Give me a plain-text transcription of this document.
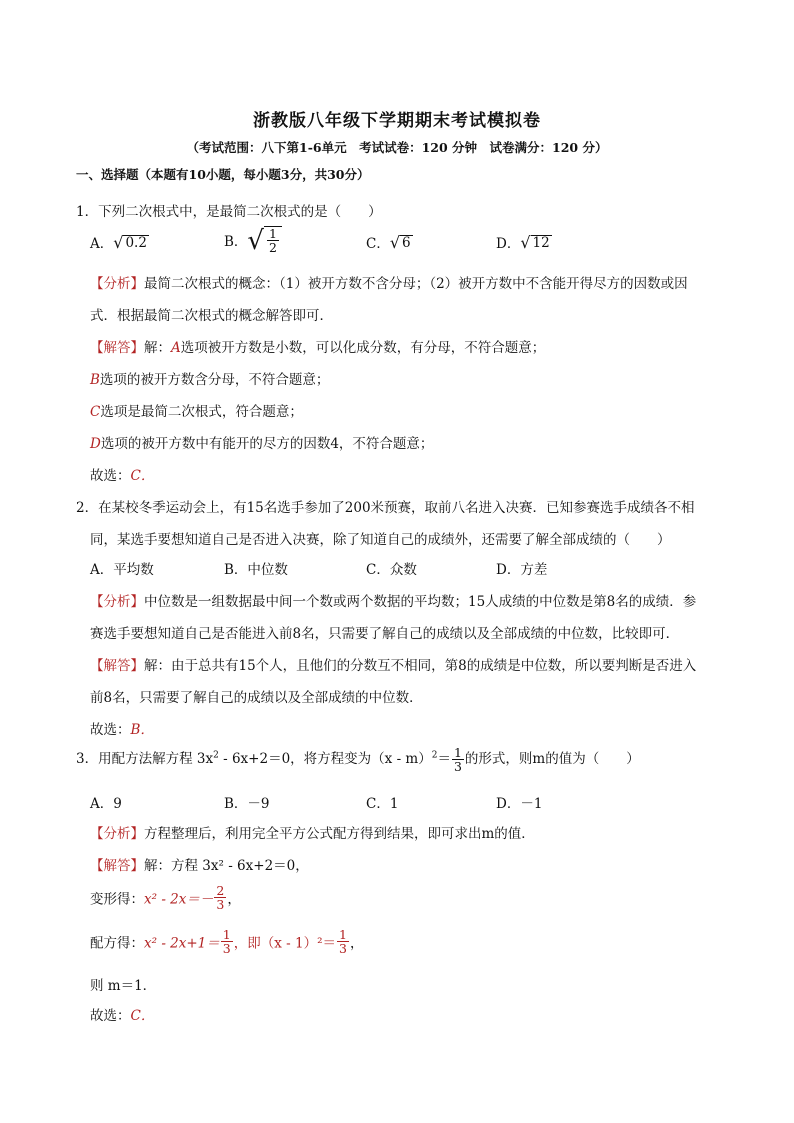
浙教版八年级下学期期末考试模拟卷
（考试范围：八下第1-6单元　考试试卷：120 分钟　试卷满分：120 分）
一、选择题（本题有10小题，每小题3分，共30分）
1．下列二次根式中，是最简二次根式的是（　　）
A． √ 0.2	B． √ $\frac{1}{2}$	C． √ 6	D． √ 12
【分析】最简二次根式的概念：（1）被开方数不含分母；（2）被开方数中不含能开得尽方的因数或因
式．根据最简二次根式的概念解答即可．
【解答】解：A选项被开方数是小数，可以化成分数，有分母，不符合题意；
B选项的被开方数含分母，不符合题意；
C选项是最简二次根式，符合题意；
D选项的被开方数中有能开的尽方的因数4，不符合题意；
故选：C．
2．在某校冬季运动会上，有15名选手参加了200米预赛，取前八名进入决赛．已知参赛选手成绩各不相
同，某选手要想知道自己是否进入决赛，除了知道自己的成绩外，还需要了解全部成绩的（　　）
A．平均数	B．中位数	C．众数	D．方差
【分析】中位数是一组数据最中间一个数或两个数据的平均数；15人成绩的中位数是第8名的成绩．参
赛选手要想知道自己是否能进入前8名，只需要了解自己的成绩以及全部成绩的中位数，比较即可．
【解答】解：由于总共有15个人，且他们的分数互不相同，第8的成绩是中位数，所以要判断是否进入
前8名，只需要了解自己的成绩以及全部成绩的中位数．
故选：B．
3．用配方法解方程 $3x^2 - 6x+2=0$，将方程变为$(x - m)^2= \frac{1}{3}$ 的形式，则m的值为（　　）
A．9	B．－9	C．1	D．－1
【分析】方程整理后，利用完全平方公式配方得到结果，即可求出m的值．
【解答】解：方程 3x² - 6x+2＝0，
变形得：$x^2 - 2x=- \frac{2}{3}$ ，
配方得：$x^2 - 2x+1= \frac{1}{3}$ ，即$(x - 1)^2= \frac{1}{3}$ ，
则 m＝1．
故选：C．
